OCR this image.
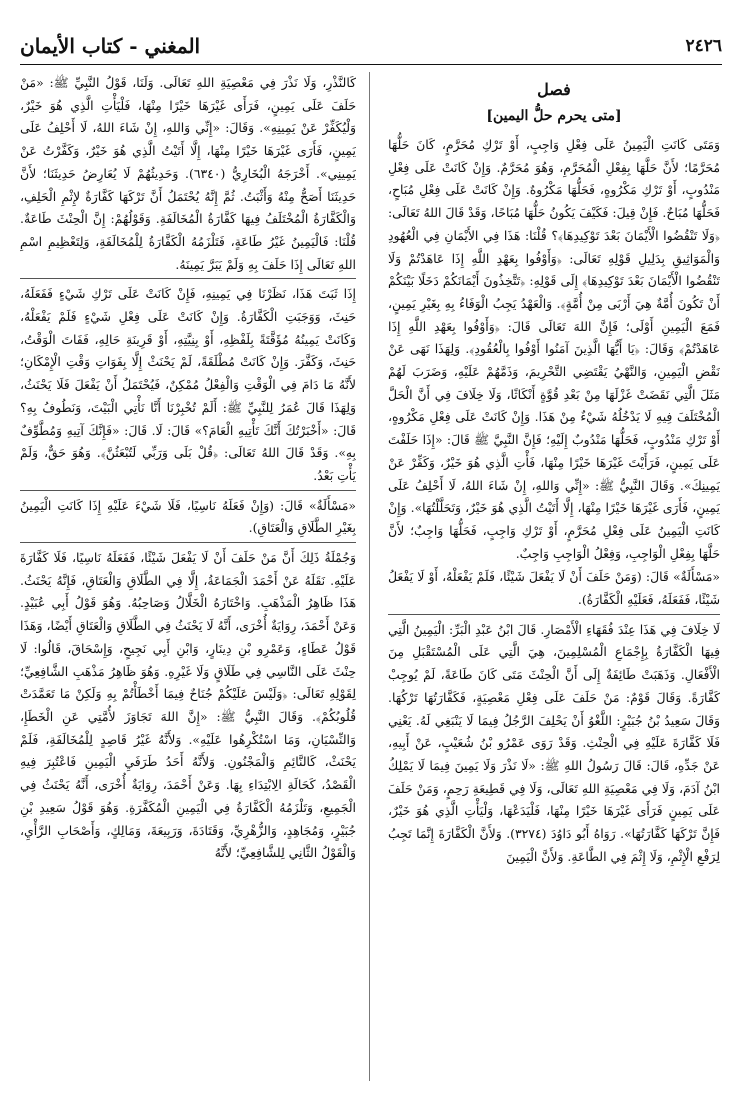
٢٤٢٦
المغني - كتاب الأيمان
فصل
[متى يحرم حلُّ اليمين]

وَمَتَى كَانَتِ الْيَمِينُ عَلَى فِعْلِ وَاجِبٍ، أَوْ تَرْكِ مُحَرَّمٍ، كَانَ حَلُّهَا مُحَرَّمًا؛ لأَنَّ حَلَّهَا بِفِعْلِ الْمُحَرَّمِ، وَهُوَ مُحَرَّمٌ. وَإِنْ كَانَتْ عَلَى فِعْلِ مَنْدُوبٍ، أَوْ تَرْكِ مَكْرُوهٍ، فَحَلُّهَا مَكْرُوهٌ. وَإِنْ كَانَتْ عَلَى فِعْلِ مُبَاحٍ، فَحَلُّهَا مُبَاحٌ. فَإِنْ قِيلَ: فَكَيْفَ يَكُونُ حَلُّهَا مُبَاحًا، وَقَدْ قَالَ اللهُ تَعَالَى: ﴿وَلَا تَنْقُضُوا الْأَيْمَانَ بَعْدَ تَوْكِيدِهَا﴾؟ قُلْنَا: هَذَا فِي الأَيْمَانِ فِي الْعُهُودِ وَالْمَوَاثِيقِ بِدَلِيلِ قَوْلِهِ تَعَالَى: ﴿وَأَوْفُوا بِعَهْدِ اللَّهِ إِذَا عَاهَدْتُمْ وَلَا تَنْقُضُوا الْأَيْمَانَ بَعْدَ تَوْكِيدِهَا﴾ إِلَى قَوْلِهِ: ﴿تَتَّخِذُونَ أَيْمَانَكُمْ دَخَلًا بَيْنَكُمْ أَنْ تَكُونَ أُمَّةٌ هِيَ أَرْبَى مِنْ أُمَّةٍ﴾. وَالْعَهْدُ يَجِبُ الْوَفَاءُ بِهِ بِغَيْرِ يَمِينٍ، فَمَعَ الْيَمِينِ أَوْلَى؛ فَإِنَّ اللهَ تَعَالَى قَالَ: ﴿وَأَوْفُوا بِعَهْدِ اللَّهِ إِذَا عَاهَدْتُمْ﴾ وَقَالَ: ﴿يَا أَيُّهَا الَّذِينَ آمَنُوا أَوْفُوا بِالْعُقُودِ﴾. وَلِهَذَا نَهَى عَنْ نَقْضِ الْيَمِينِ، وَالنَّهْيُ يَقْتَضِي التَّحْرِيمَ، وَذَمَّهُمْ عَلَيْهِ، وَضَرَبَ لَهُمْ مَثَلَ الَّتِي نَقَضَتْ غَزْلَهَا مِنْ بَعْدِ قُوَّةٍ أَنْكَاثًا، وَلَا خِلَافَ فِي أَنَّ الْحَلَّ الْمُخْتَلَفَ فِيهِ لَا يَدْخُلُهُ شَيْءٌ مِنْ هَذَا. وَإِنْ كَانَتْ عَلَى فِعْلِ مَكْرُوهٍ، أَوْ تَرْكِ مَنْدُوبٍ، فَحَلُّهَا مَنْدُوبٌ إِلَيْهِ؛ فَإِنَّ النَّبِيَّ ﷺ قَالَ: «إِذَا حَلَفْتَ عَلَى يَمِينٍ، فَرَأَيْتَ غَيْرَهَا خَيْرًا مِنْهَا، فَأْتِ الَّذِي هُوَ خَيْرٌ، وَكَفِّرْ عَنْ يَمِينِكَ». وَقَالَ النَّبِيُّ ﷺ: «إِنِّي وَاللهِ، إِنْ شَاءَ اللهُ، لَا أَحْلِفُ عَلَى يَمِينٍ، فَأَرَى غَيْرَهَا خَيْرًا مِنْهَا، إِلَّا أَتَيْتُ الَّذِي هُوَ خَيْرٌ، وَتَحَلَّلْتُهَا». وَإِنْ كَانَتِ الْيَمِينُ عَلَى فِعْلِ مُحَرَّمٍ، أَوْ تَرْكِ وَاجِبٍ، فَحَلُّهَا وَاجِبٌ؛ لأَنَّ حَلَّهَا بِفِعْلِ الْوَاجِبِ، وَفِعْلُ الْوَاجِبِ وَاجِبٌ.

«مَسْأَلَةٌ» قَالَ: (وَمَنْ حَلَفَ أَنْ لَا يَفْعَلَ شَيْئًا، فَلَمْ يَفْعَلْهُ، أَوْ لَا يَفْعَلُ شَيْئًا، فَفَعَلَهُ، فَعَلَيْهِ الْكَفَّارَةُ).

لَا خِلَافَ فِي هَذَا عِنْدَ فُقَهَاءِ الْأَمْصَارِ. قَالَ ابْنُ عَبْدِ الْبَرِّ: الْيَمِينُ الَّتِي فِيهَا الْكَفَّارَةُ بِإِجْمَاعِ الْمُسْلِمِينَ، هِيَ الَّتِي عَلَى الْمُسْتَقْبَلِ مِنَ الْأَفْعَالِ. وَذَهَبَتْ طَائِفَةٌ إِلَى أَنَّ الْحِنْثَ مَتَى كَانَ طَاعَةً، لَمْ يُوجِبْ كَفَّارَةً. وَقَالَ قَوْمٌ: مَنْ حَلَفَ عَلَى فِعْلِ مَعْصِيَةٍ، فَكَفَّارَتُهَا تَرْكُهَا. وَقَالَ سَعِيدُ بْنُ جُبَيْرٍ: اللَّغْوُ أَنْ يَحْلِفَ الرَّجُلُ فِيمَا لَا يَنْبَغِي لَهُ. يَعْنِي فَلَا كَفَّارَةَ عَلَيْهِ فِي الْحِنْثِ. وَقَدْ رَوَى عَمْرُو بْنُ شُعَيْبٍ، عَنْ أَبِيهِ، عَنْ جَدِّهِ، قَالَ: قَالَ رَسُولُ اللهِ ﷺ: «لَا نَذْرَ وَلَا يَمِينَ فِيمَا لَا يَمْلِكُ ابْنُ آدَمَ، وَلَا فِي مَعْصِيَةِ اللهِ تَعَالَى، وَلَا فِي قَطِيعَةِ رَحِمٍ، وَمَنْ حَلَفَ عَلَى يَمِينٍ فَرَأَى غَيْرَهَا خَيْرًا مِنْهَا، فَلْيَدَعْهَا، وَلْيَأْتِ الَّذِي هُوَ خَيْرٌ، فَإِنَّ تَرْكَهَا كَفَّارَتُهَا». رَوَاهُ أَبُو دَاوُدَ (٣٢٧٤). وَلأَنَّ الْكَفَّارَةَ إِنَّمَا تَجِبُ لِرَفْعِ الْإِثْمِ، وَلَا إِثْمَ فِي الطَّاعَةِ. وَلأَنَّ الْيَمِينَ

كَالنَّذْرِ، وَلَا نَذْرَ فِي مَعْصِيَةِ اللهِ تَعَالَى. وَلَنَا، قَوْلُ النَّبِيِّ ﷺ: «مَنْ حَلَفَ عَلَى يَمِينٍ، فَرَأَى غَيْرَهَا خَيْرًا مِنْهَا، فَلْيَأْتِ الَّذِي هُوَ خَيْرٌ، وَلْيُكَفِّرْ عَنْ يَمِينِهِ». وَقَالَ: «إِنِّي وَاللهِ، إِنْ شَاءَ اللهُ، لَا أَحْلِفُ عَلَى يَمِينٍ، فَأَرَى غَيْرَهَا خَيْرًا مِنْهَا، إِلَّا أَتَيْتُ الَّذِي هُوَ خَيْرٌ، وَكَفَّرْتُ عَنْ يَمِينِي». أَخْرَجَهُ الْبُخَارِيُّ (٦٣٤٠). وَحَدِيثُهُمْ لَا يُعَارِضُ حَدِيثَنَا؛ لأَنَّ حَدِيثَنَا أَصَحُّ مِنْهُ وَأَثْبَتُ. ثُمَّ إِنَّهُ يُحْتَمَلُ أَنَّ تَرْكَهَا كَفَّارَةٌ لإِثْمِ الْحَلِفِ، وَالْكَفَّارَةُ الْمُخْتَلَفُ فِيهَا كَفَّارَةُ الْمُخَالَفَةِ. وَقَوْلُهُمْ: إِنَّ الْحِنْثَ طَاعَةٌ. قُلْنَا: فَالْيَمِينُ غَيْرُ طَاعَةٍ، فَتَلْزَمُهُ الْكَفَّارَةُ لِلْمُخَالَفَةِ، وَلِتَعْظِيمِ اسْمِ اللهِ تَعَالَى إِذَا حَلَفَ بِهِ وَلَمْ يَبَرَّ يَمِينَهُ.

إِذَا ثَبَتَ هَذَا، نَظَرْنَا فِي يَمِينِهِ، فَإِنْ كَانَتْ عَلَى تَرْكِ شَيْءٍ فَفَعَلَهُ، حَنِثَ، وَوَجَبَتِ الْكَفَّارَةُ. وَإِنْ كَانَتْ عَلَى فِعْلِ شَيْءٍ فَلَمْ يَفْعَلْهُ، وَكَانَتْ يَمِينُهُ مُؤَقَّتَةً بِلَفْظِهِ، أَوْ بِنِيَّتِهِ، أَوْ قَرِينَةِ حَالِهِ، فَفَاتَ الْوَقْتُ، حَنِثَ، وَكَفَّرَ. وَإِنْ كَانَتْ مُطْلَقَةً، لَمْ يَحْنَثْ إِلَّا بِفَوَاتِ وَقْتِ الْإِمْكَانِ؛ لأَنَّهُ مَا دَامَ فِي الْوَقْتِ وَالْفِعْلُ مُمْكِنٌ، فَيُحْتَمَلُ أَنْ يَفْعَلَ فَلَا يَحْنَثُ، وَلِهَذَا قَالَ عُمَرُ لِلنَّبِيِّ ﷺ: أَلَمْ تُخْبِرْنَا أَنَّا نَأْتِي الْبَيْتَ، وَنَطُوفُ بِهِ؟ قَالَ: «أَخْبَرْتُكَ أَنَّكَ تَأْتِيهِ الْعَامَ؟» قَالَ: لَا. قَالَ: «فَإِنَّكَ آتِيهِ وَمُطَّوِّفٌ بِهِ». وَقَدْ قَالَ اللهُ تَعَالَى: ﴿قُلْ بَلَى وَرَبِّي لَتُبْعَثُنَّ﴾. وَهُوَ حَقٌّ، وَلَمْ يَأْتِ بَعْدُ.

«مَسْأَلَةٌ» قَالَ: (وَإِنْ فَعَلَهُ نَاسِيًا، فَلَا شَيْءَ عَلَيْهِ إِذَا كَانَتِ الْيَمِينُ بِغَيْرِ الطَّلَاقِ وَالْعَتَاقِ).

وَجُمْلَةُ ذَلِكَ أَنَّ مَنْ حَلَفَ أَنْ لَا يَفْعَلَ شَيْئًا، فَفَعَلَهُ نَاسِيًا، فَلَا كَفَّارَةَ عَلَيْهِ. نَقَلَهُ عَنْ أَحْمَدَ الْجَمَاعَةُ، إِلَّا فِي الطَّلَاقِ وَالْعَتَاقِ، فَإِنَّهُ يَحْنَثُ. هَذَا ظَاهِرُ الْمَذْهَبِ. وَاخْتَارَهُ الْخَلَّالُ وَصَاحِبُهُ. وَهُوَ قَوْلُ أَبِي عُبَيْدٍ. وَعَنْ أَحْمَدَ، رِوَايَةٌ أُخْرَى، أَنَّهُ لَا يَحْنَثُ فِي الطَّلَاقِ وَالْعَتَاقِ أَيْضًا، وَهَذَا قَوْلُ عَطَاءٍ، وَعَمْرِو بْنِ دِينَارٍ، وَابْنِ أَبِي نَجِيحٍ، وَإِسْحَاقَ، قَالُوا: لَا حِنْثَ عَلَى النَّاسِي فِي طَلَاقٍ وَلَا غَيْرِهِ. وَهُوَ ظَاهِرُ مَذْهَبِ الشَّافِعِيِّ؛ لِقَوْلِهِ تَعَالَى: ﴿وَلَيْسَ عَلَيْكُمْ جُنَاحٌ فِيمَا أَخْطَأْتُمْ بِهِ وَلَكِنْ مَا تَعَمَّدَتْ قُلُوبُكُمْ﴾. وَقَالَ النَّبِيُّ ﷺ: «إِنَّ اللهَ تَجَاوَزَ لأُمَّتِي عَنِ الْخَطَإِ، وَالنِّسْيَانِ، وَمَا اسْتُكْرِهُوا عَلَيْهِ». وَلأَنَّهُ غَيْرُ قَاصِدٍ لِلْمُخَالَفَةِ، فَلَمْ يَحْنَثْ، كَالنَّائِمِ وَالْمَجْنُونِ. وَلأَنَّهُ أَحَدُ طَرَفَيِ الْيَمِينِ فَاعْتُبِرَ فِيهِ الْقَصْدُ، كَحَالَةِ الِابْتِدَاءِ بِهَا. وَعَنْ أَحْمَدَ، رِوَايَةٌ أُخْرَى، أَنَّهُ يَحْنَثُ فِي الْجَمِيعِ، وَتَلْزَمُهُ الْكَفَّارَةُ فِي الْيَمِينِ الْمُكَفَّرَةِ. وَهُوَ قَوْلُ سَعِيدِ بْنِ جُبَيْرٍ، وَمُجَاهِدٍ، وَالزُّهْرِيِّ، وَقَتَادَةَ، وَرَبِيعَةَ، وَمَالِكٍ، وَأَصْحَابِ الرَّأْيِ، وَالْقَوْلُ الثَّانِي لِلشَّافِعِيِّ؛ لأَنَّهُ
